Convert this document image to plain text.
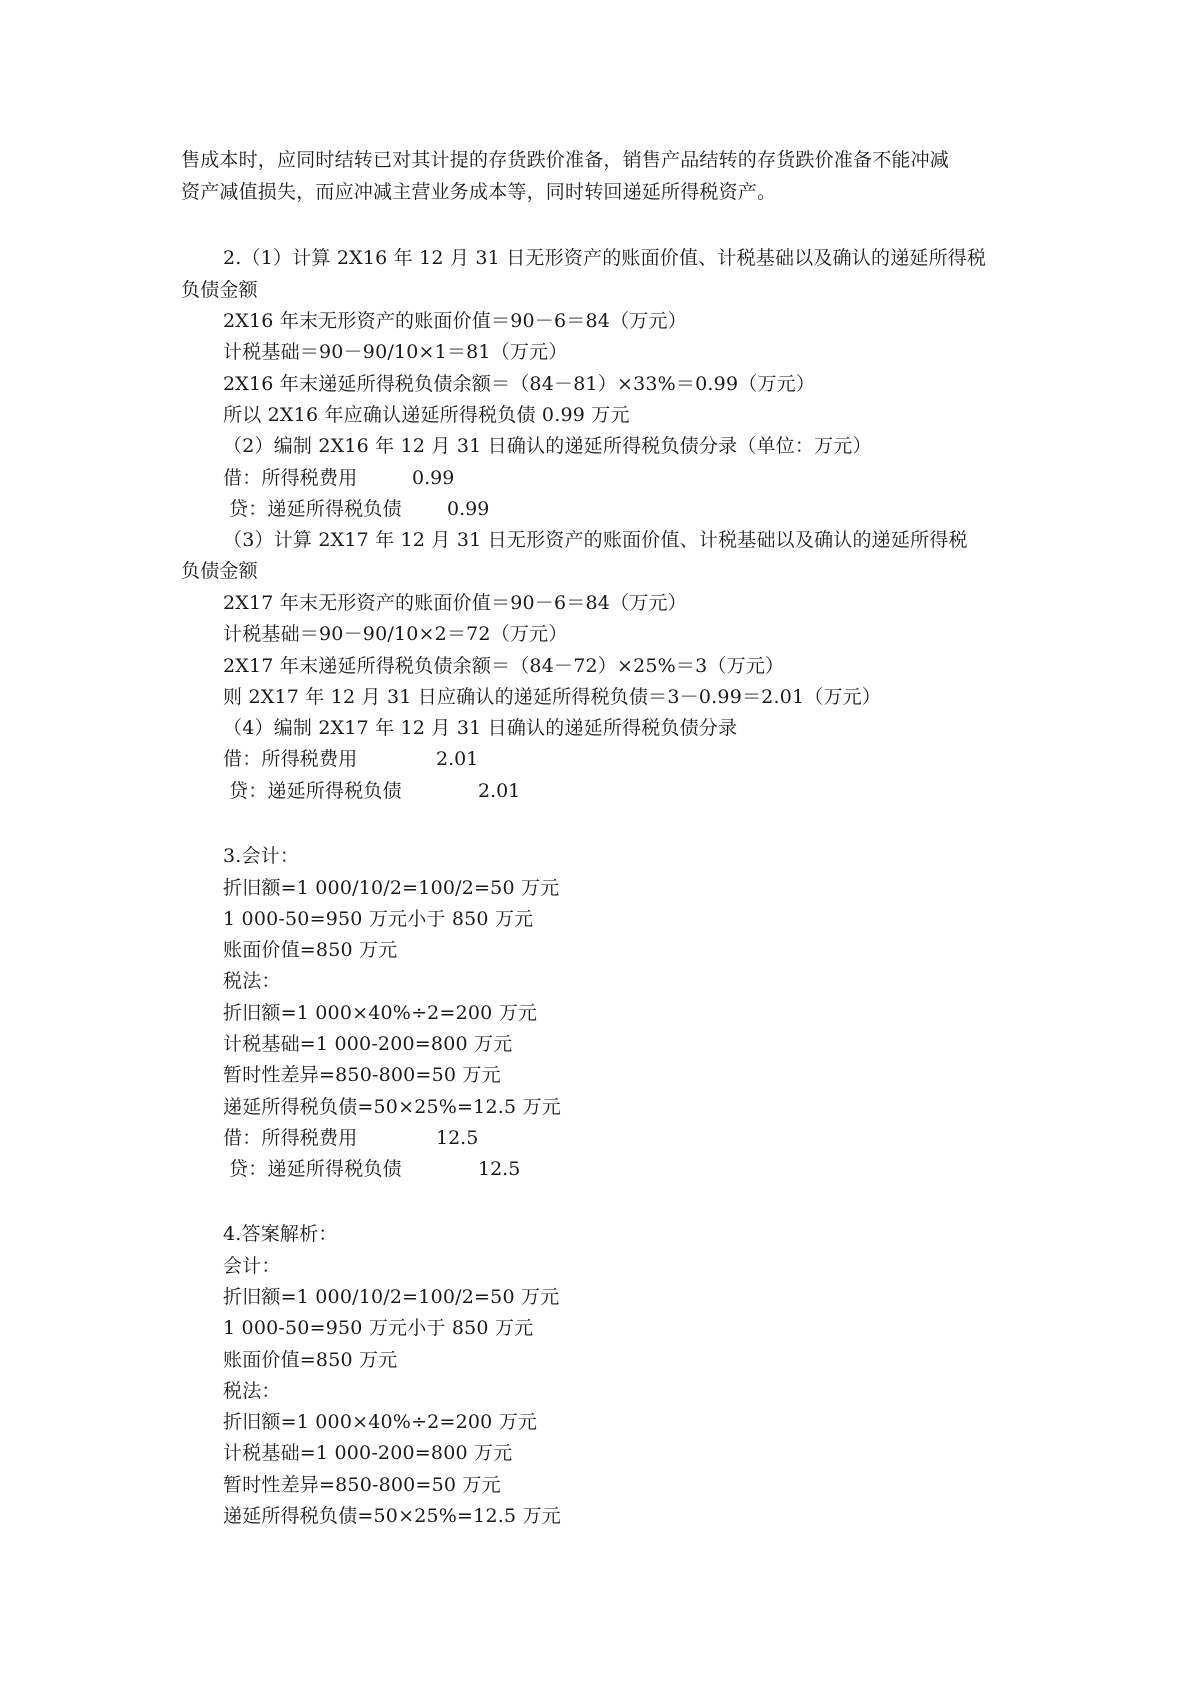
售成本时，应同时结转已对其计提的存货跌价准备，销售产品结转的存货跌价准备不能冲减
资产减值损失，而应冲减主营业务成本等，同时转回递延所得税资产。
2.（1）计算 2X16 年 12 月 31 日无形资产的账面价值、计税基础以及确认的递延所得税
负债金额
2X16 年末无形资产的账面价值＝90－6＝84（万元）
计税基础＝90－90/10×1＝81（万元）
2X16 年末递延所得税负债余额＝（84－81）×33%＝0.99（万元）
所以 2X16 年应确认递延所得税负债 0.99 万元
（2）编制 2X16 年 12 月 31 日确认的递延所得税负债分录（单位：万元）
借：所得税费用	0.99
贷：递延所得税负债 0.99
（3）计算 2X17 年 12 月 31 日无形资产的账面价值、计税基础以及确认的递延所得税
负债金额
2X17 年末无形资产的账面价值＝90－6＝84（万元）
计税基础＝90－90/10×2＝72（万元）
2X17 年末递延所得税负债余额＝（84－72）×25%＝3（万元）
则 2X17 年 12 月 31 日应确认的递延所得税负债＝3－0.99＝2.01（万元）
（4）编制 2X17 年 12 月 31 日确认的递延所得税负债分录
借：所得税费用	2.01
贷：递延所得税负债	2.01
3.会计：
折旧额=1 000/10/2=100/2=50 万元
1 000-50=950 万元小于 850 万元
账面价值=850 万元
税法：
折旧额=1 000×40%÷2=200 万元
计税基础=1 000-200=800 万元
暂时性差异=850-800=50 万元
递延所得税负债=50×25%=12.5 万元
借：所得税费用	12.5
贷：递延所得税负债	12.5
4.答案解析：
会计：
折旧额=1 000/10/2=100/2=50 万元
1 000-50=950 万元小于 850 万元
账面价值=850 万元
税法：
折旧额=1 000×40%÷2=200 万元
计税基础=1 000-200=800 万元
暂时性差异=850-800=50 万元
递延所得税负债=50×25%=12.5 万元
